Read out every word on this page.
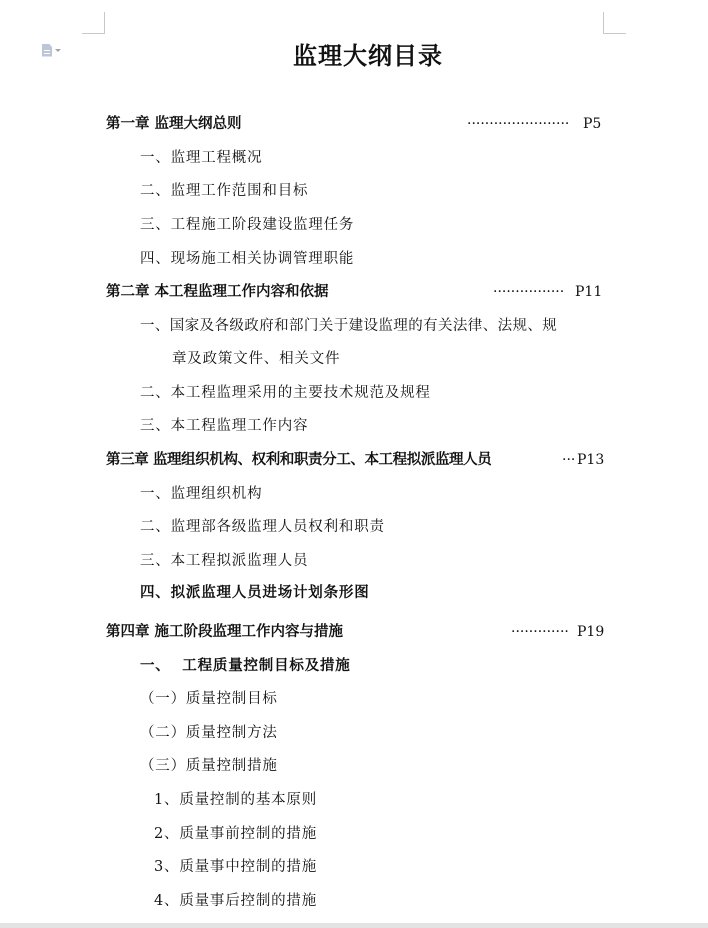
监理大纲目录
第一章 监理大纲总则	······················· P5
一、监理工程概况
二、监理工作范围和目标
三、工程施工阶段建设监理任务
四、现场施工相关协调管理职能
第二章 本工程监理工作内容和依据	················ P11
一、国家及各级政府和部门关于建设监理的有关法律、法规、规
章及政策文件、相关文件
二、本工程监理采用的主要技术规范及规程
三、本工程监理工作内容
第三章 监理组织机构、权利和职责分工、本工程拟派监理人员	··· P13
一、监理组织机构
二、监理部各级监理人员权利和职责
三、本工程拟派监理人员
四、拟派监理人员进场计划条形图
第四章 施工阶段监理工作内容与措施	············· P19
一、  工程质量控制目标及措施
（一）质量控制目标
（二）质量控制方法
（三）质量控制措施
1、质量控制的基本原则
2、质量事前控制的措施
3、质量事中控制的措施
4、质量事后控制的措施
